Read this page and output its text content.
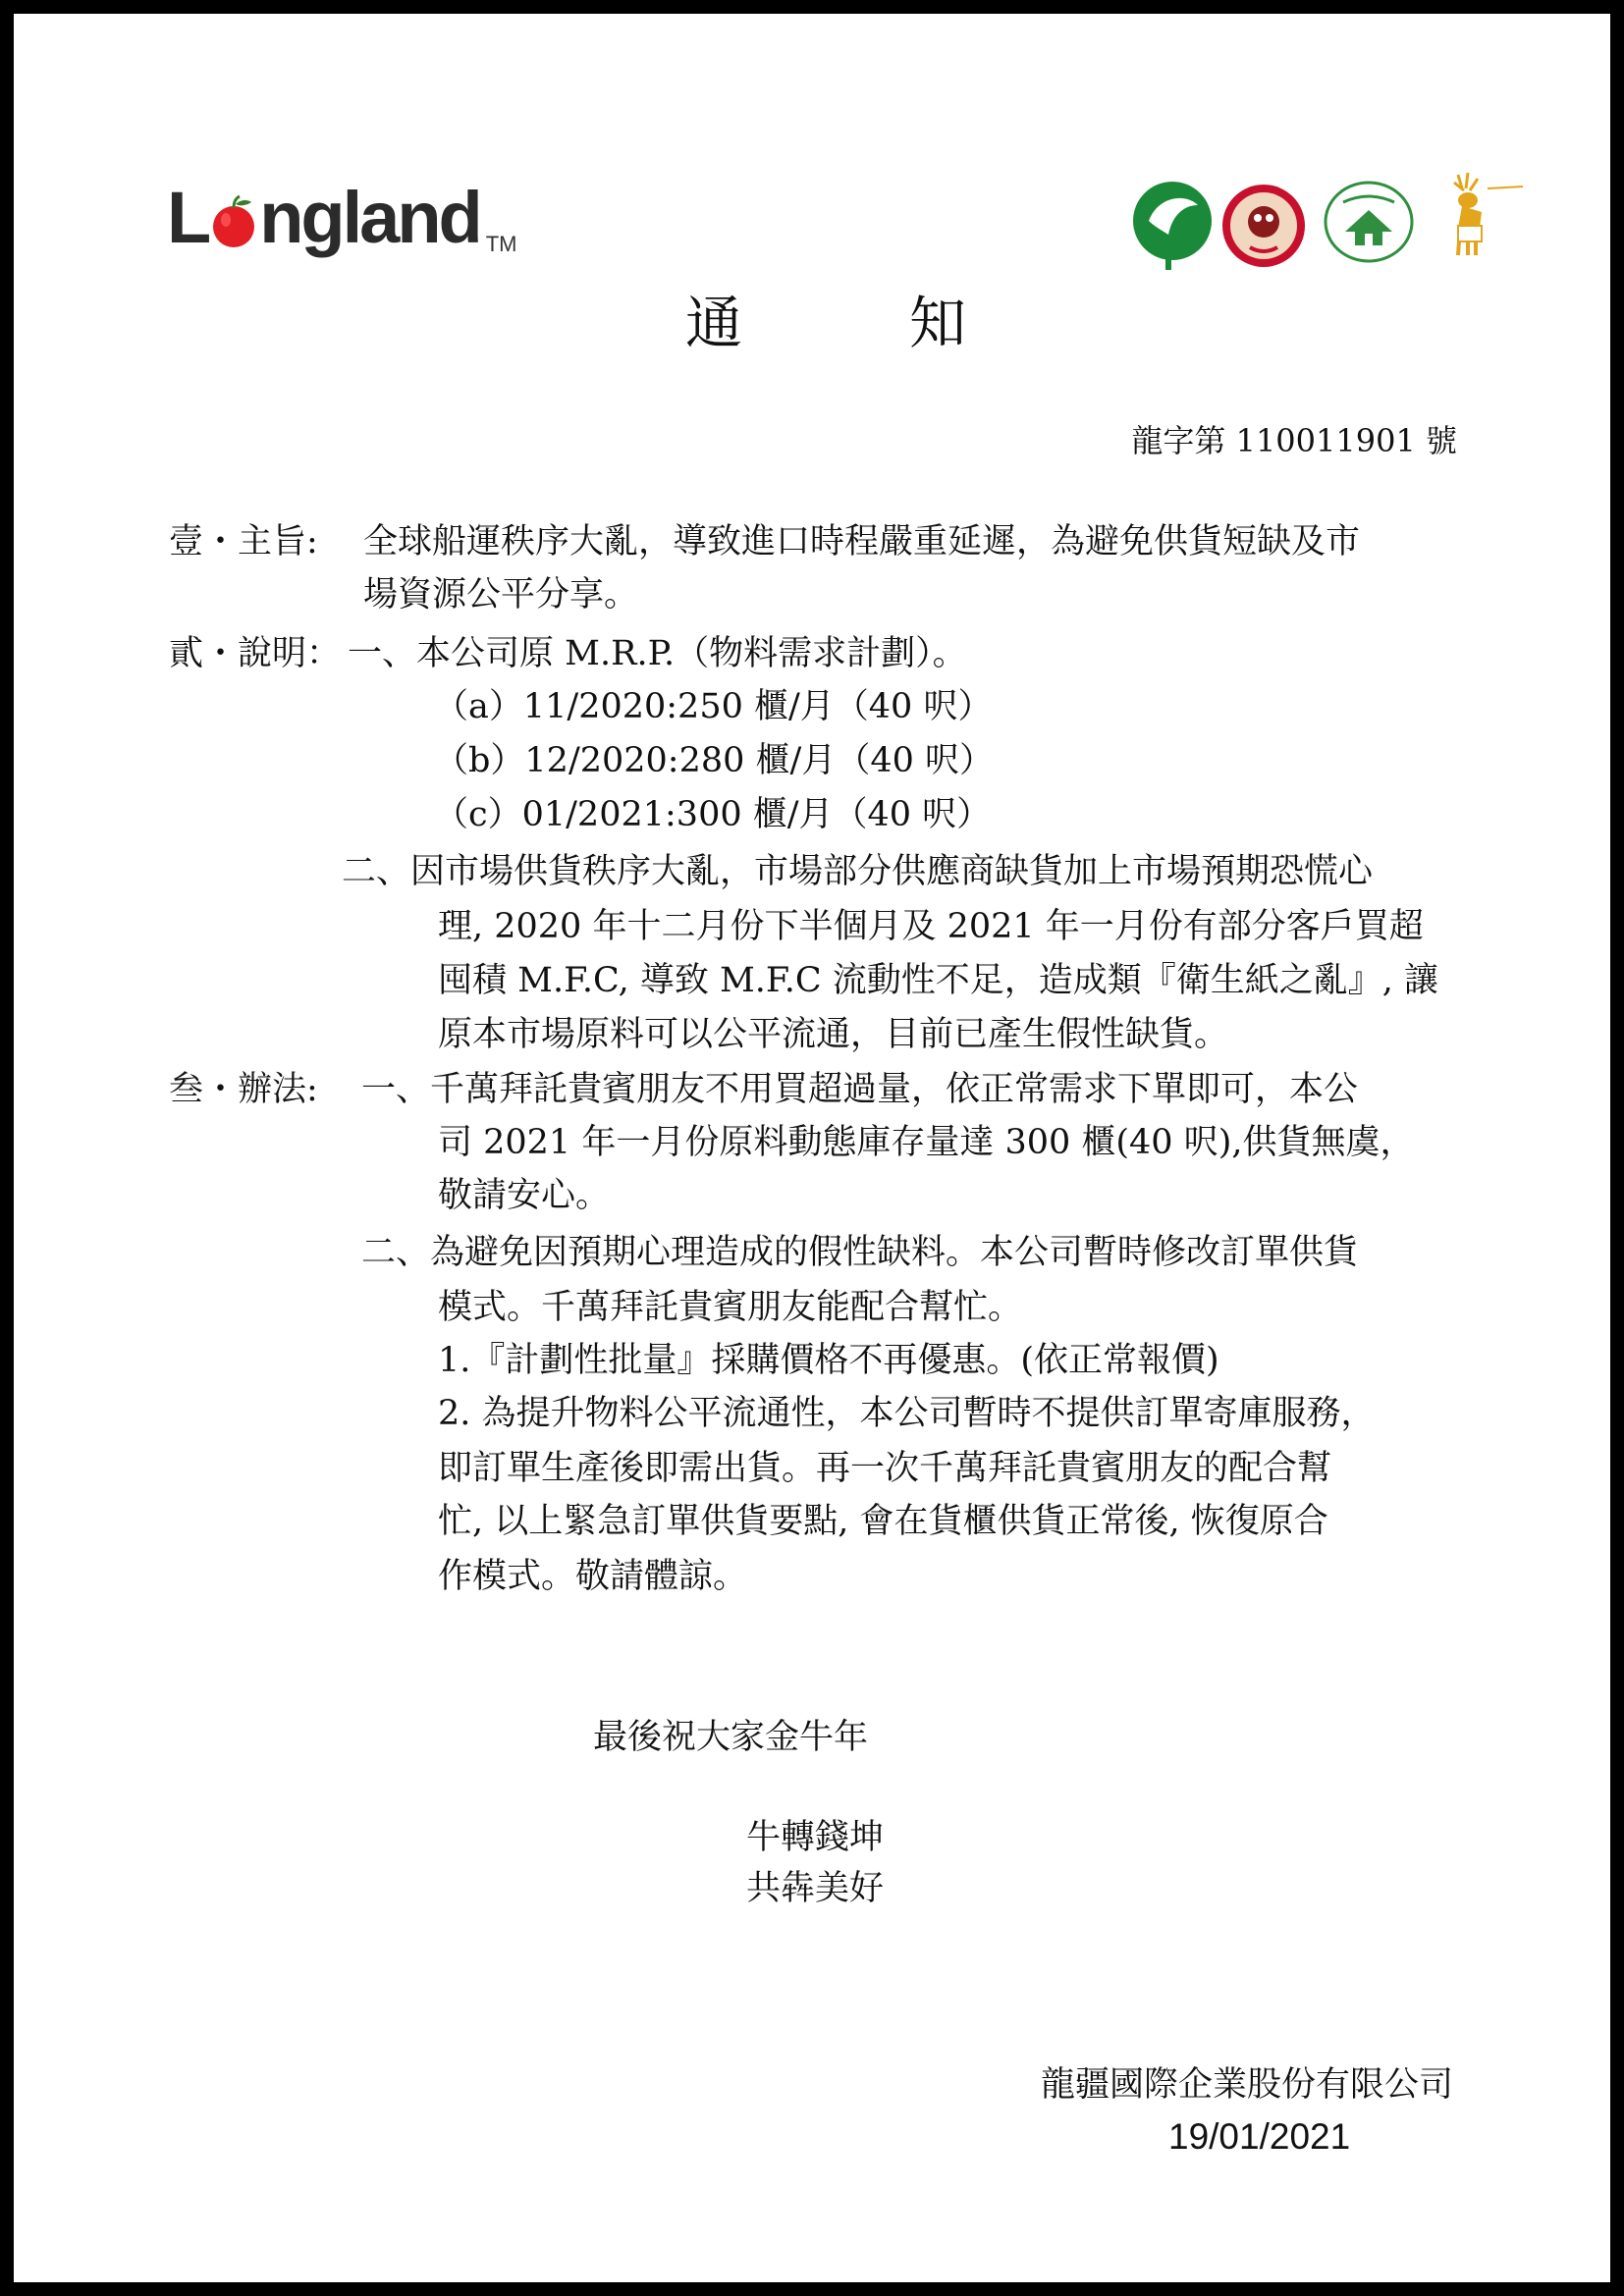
L ngland TM
通	知
龍字第 110011901 號
壹・主旨: 全球船運秩序大亂，導致進口時程嚴重延遲，為避免供貨短缺及市
場資源公平分享。
貳・說明： 一、本公司原 M.R.P.（物料需求計劃）。
（a）11/2020:250 櫃/月（40 呎）
（b）12/2020:280 櫃/月（40 呎）
（c）01/2021:300 櫃/月（40 呎）
二、因市場供貨秩序大亂，市場部分供應商缺貨加上市場預期恐慌心
理, 2020 年十二月份下半個月及 2021 年一月份有部分客戶買超
囤積 M.F.C, 導致 M.F.C 流動性不足，造成類『衛生紙之亂』, 讓
原本市場原料可以公平流通，目前已產生假性缺貨。
叁・辦法: 一、千萬拜託貴賓朋友不用買超過量，依正常需求下單即可，本公
司 2021 年一月份原料動態庫存量達 300 櫃(40 呎),供貨無虞，
敬請安心。
二、為避免因預期心理造成的假性缺料。本公司暫時修改訂單供貨
模式。千萬拜託貴賓朋友能配合幫忙。
1.『計劃性批量』採購價格不再優惠。(依正常報價)
2. 為提升物料公平流通性，本公司暫時不提供訂單寄庫服務，
即訂單生產後即需出貨。再一次千萬拜託貴賓朋友的配合幫
忙, 以上緊急訂單供貨要點, 會在貨櫃供貨正常後, 恢復原合
作模式。敬請體諒。
最後祝大家金牛年
牛轉錢坤
共犇美好
龍疆國際企業股份有限公司
19/01/2021
